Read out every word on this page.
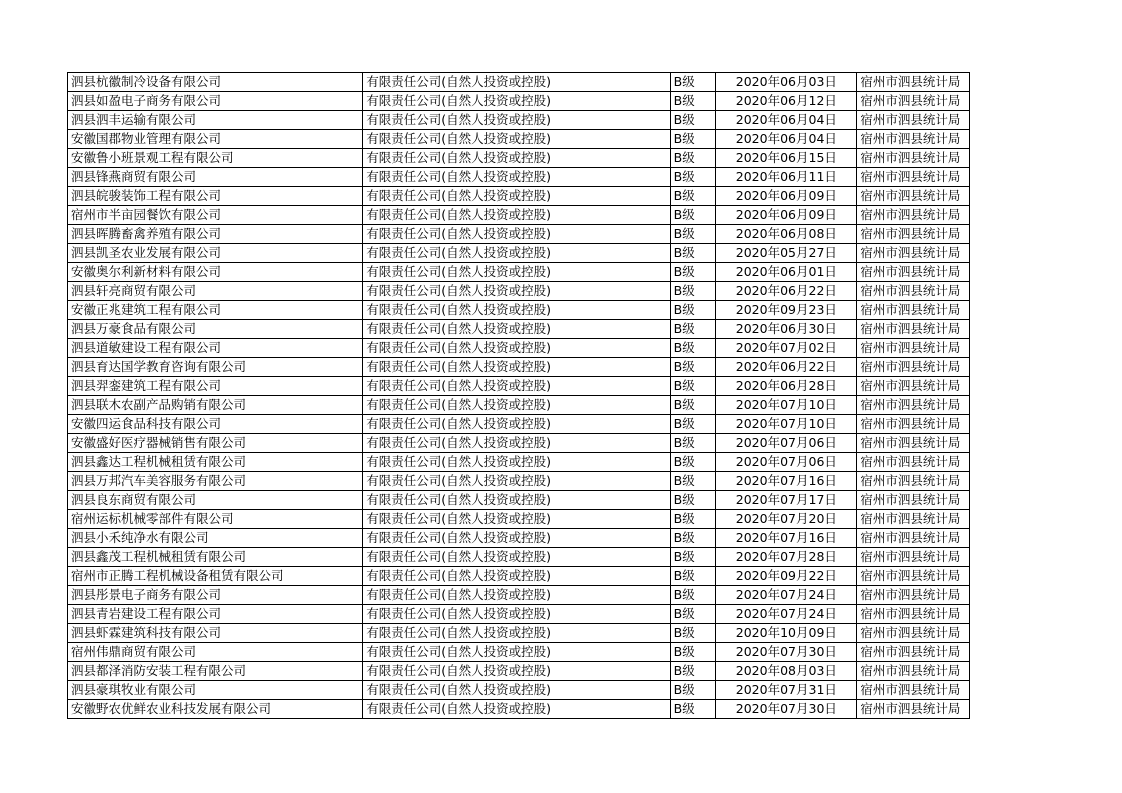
泗县杭徽制冷设备有限公司	有限责任公司(自然人投资或控股)	B级	2020年06月03日	宿州市泗县统计局
泗县如盈电子商务有限公司	有限责任公司(自然人投资或控股)	B级	2020年06月12日	宿州市泗县统计局
泗县泗丰运输有限公司	有限责任公司(自然人投资或控股)	B级	2020年06月04日	宿州市泗县统计局
安徽国郡物业管理有限公司	有限责任公司(自然人投资或控股)	B级	2020年06月04日	宿州市泗县统计局
安徽鲁小班景观工程有限公司	有限责任公司(自然人投资或控股)	B级	2020年06月15日	宿州市泗县统计局
泗县锋燕商贸有限公司	有限责任公司(自然人投资或控股)	B级	2020年06月11日	宿州市泗县统计局
泗县皖骏装饰工程有限公司	有限责任公司(自然人投资或控股)	B级	2020年06月09日	宿州市泗县统计局
宿州市半亩园餐饮有限公司	有限责任公司(自然人投资或控股)	B级	2020年06月09日	宿州市泗县统计局
泗县晖腾畜禽养殖有限公司	有限责任公司(自然人投资或控股)	B级	2020年06月08日	宿州市泗县统计局
泗县凯圣农业发展有限公司	有限责任公司(自然人投资或控股)	B级	2020年05月27日	宿州市泗县统计局
安徽奥尔利新材料有限公司	有限责任公司(自然人投资或控股)	B级	2020年06月01日	宿州市泗县统计局
泗县轩亮商贸有限公司	有限责任公司(自然人投资或控股)	B级	2020年06月22日	宿州市泗县统计局
安徽正兆建筑工程有限公司	有限责任公司(自然人投资或控股)	B级	2020年09月23日	宿州市泗县统计局
泗县万豪食品有限公司	有限责任公司(自然人投资或控股)	B级	2020年06月30日	宿州市泗县统计局
泗县道敏建设工程有限公司	有限责任公司(自然人投资或控股)	B级	2020年07月02日	宿州市泗县统计局
泗县育达国学教育咨询有限公司	有限责任公司(自然人投资或控股)	B级	2020年06月22日	宿州市泗县统计局
泗县羿銮建筑工程有限公司	有限责任公司(自然人投资或控股)	B级	2020年06月28日	宿州市泗县统计局
泗县联木农副产品购销有限公司	有限责任公司(自然人投资或控股)	B级	2020年07月10日	宿州市泗县统计局
安徽四运食品科技有限公司	有限责任公司(自然人投资或控股)	B级	2020年07月10日	宿州市泗县统计局
安徽盛好医疗器械销售有限公司	有限责任公司(自然人投资或控股)	B级	2020年07月06日	宿州市泗县统计局
泗县鑫达工程机械租赁有限公司	有限责任公司(自然人投资或控股)	B级	2020年07月06日	宿州市泗县统计局
泗县万邦汽车美容服务有限公司	有限责任公司(自然人投资或控股)	B级	2020年07月16日	宿州市泗县统计局
泗县良东商贸有限公司	有限责任公司(自然人投资或控股)	B级	2020年07月17日	宿州市泗县统计局
宿州运标机械零部件有限公司	有限责任公司(自然人投资或控股)	B级	2020年07月20日	宿州市泗县统计局
泗县小禾纯净水有限公司	有限责任公司(自然人投资或控股)	B级	2020年07月16日	宿州市泗县统计局
泗县鑫茂工程机械租赁有限公司	有限责任公司(自然人投资或控股)	B级	2020年07月28日	宿州市泗县统计局
宿州市正腾工程机械设备租赁有限公司	有限责任公司(自然人投资或控股)	B级	2020年09月22日	宿州市泗县统计局
泗县彤景电子商务有限公司	有限责任公司(自然人投资或控股)	B级	2020年07月24日	宿州市泗县统计局
泗县青岩建设工程有限公司	有限责任公司(自然人投资或控股)	B级	2020年07月24日	宿州市泗县统计局
泗县虾霖建筑科技有限公司	有限责任公司(自然人投资或控股)	B级	2020年10月09日	宿州市泗县统计局
宿州伟鼎商贸有限公司	有限责任公司(自然人投资或控股)	B级	2020年07月30日	宿州市泗县统计局
泗县都泽消防安装工程有限公司	有限责任公司(自然人投资或控股)	B级	2020年08月03日	宿州市泗县统计局
泗县豪琪牧业有限公司	有限责任公司(自然人投资或控股)	B级	2020年07月31日	宿州市泗县统计局
安徽野农优鲜农业科技发展有限公司	有限责任公司(自然人投资或控股)	B级	2020年07月30日	宿州市泗县统计局
